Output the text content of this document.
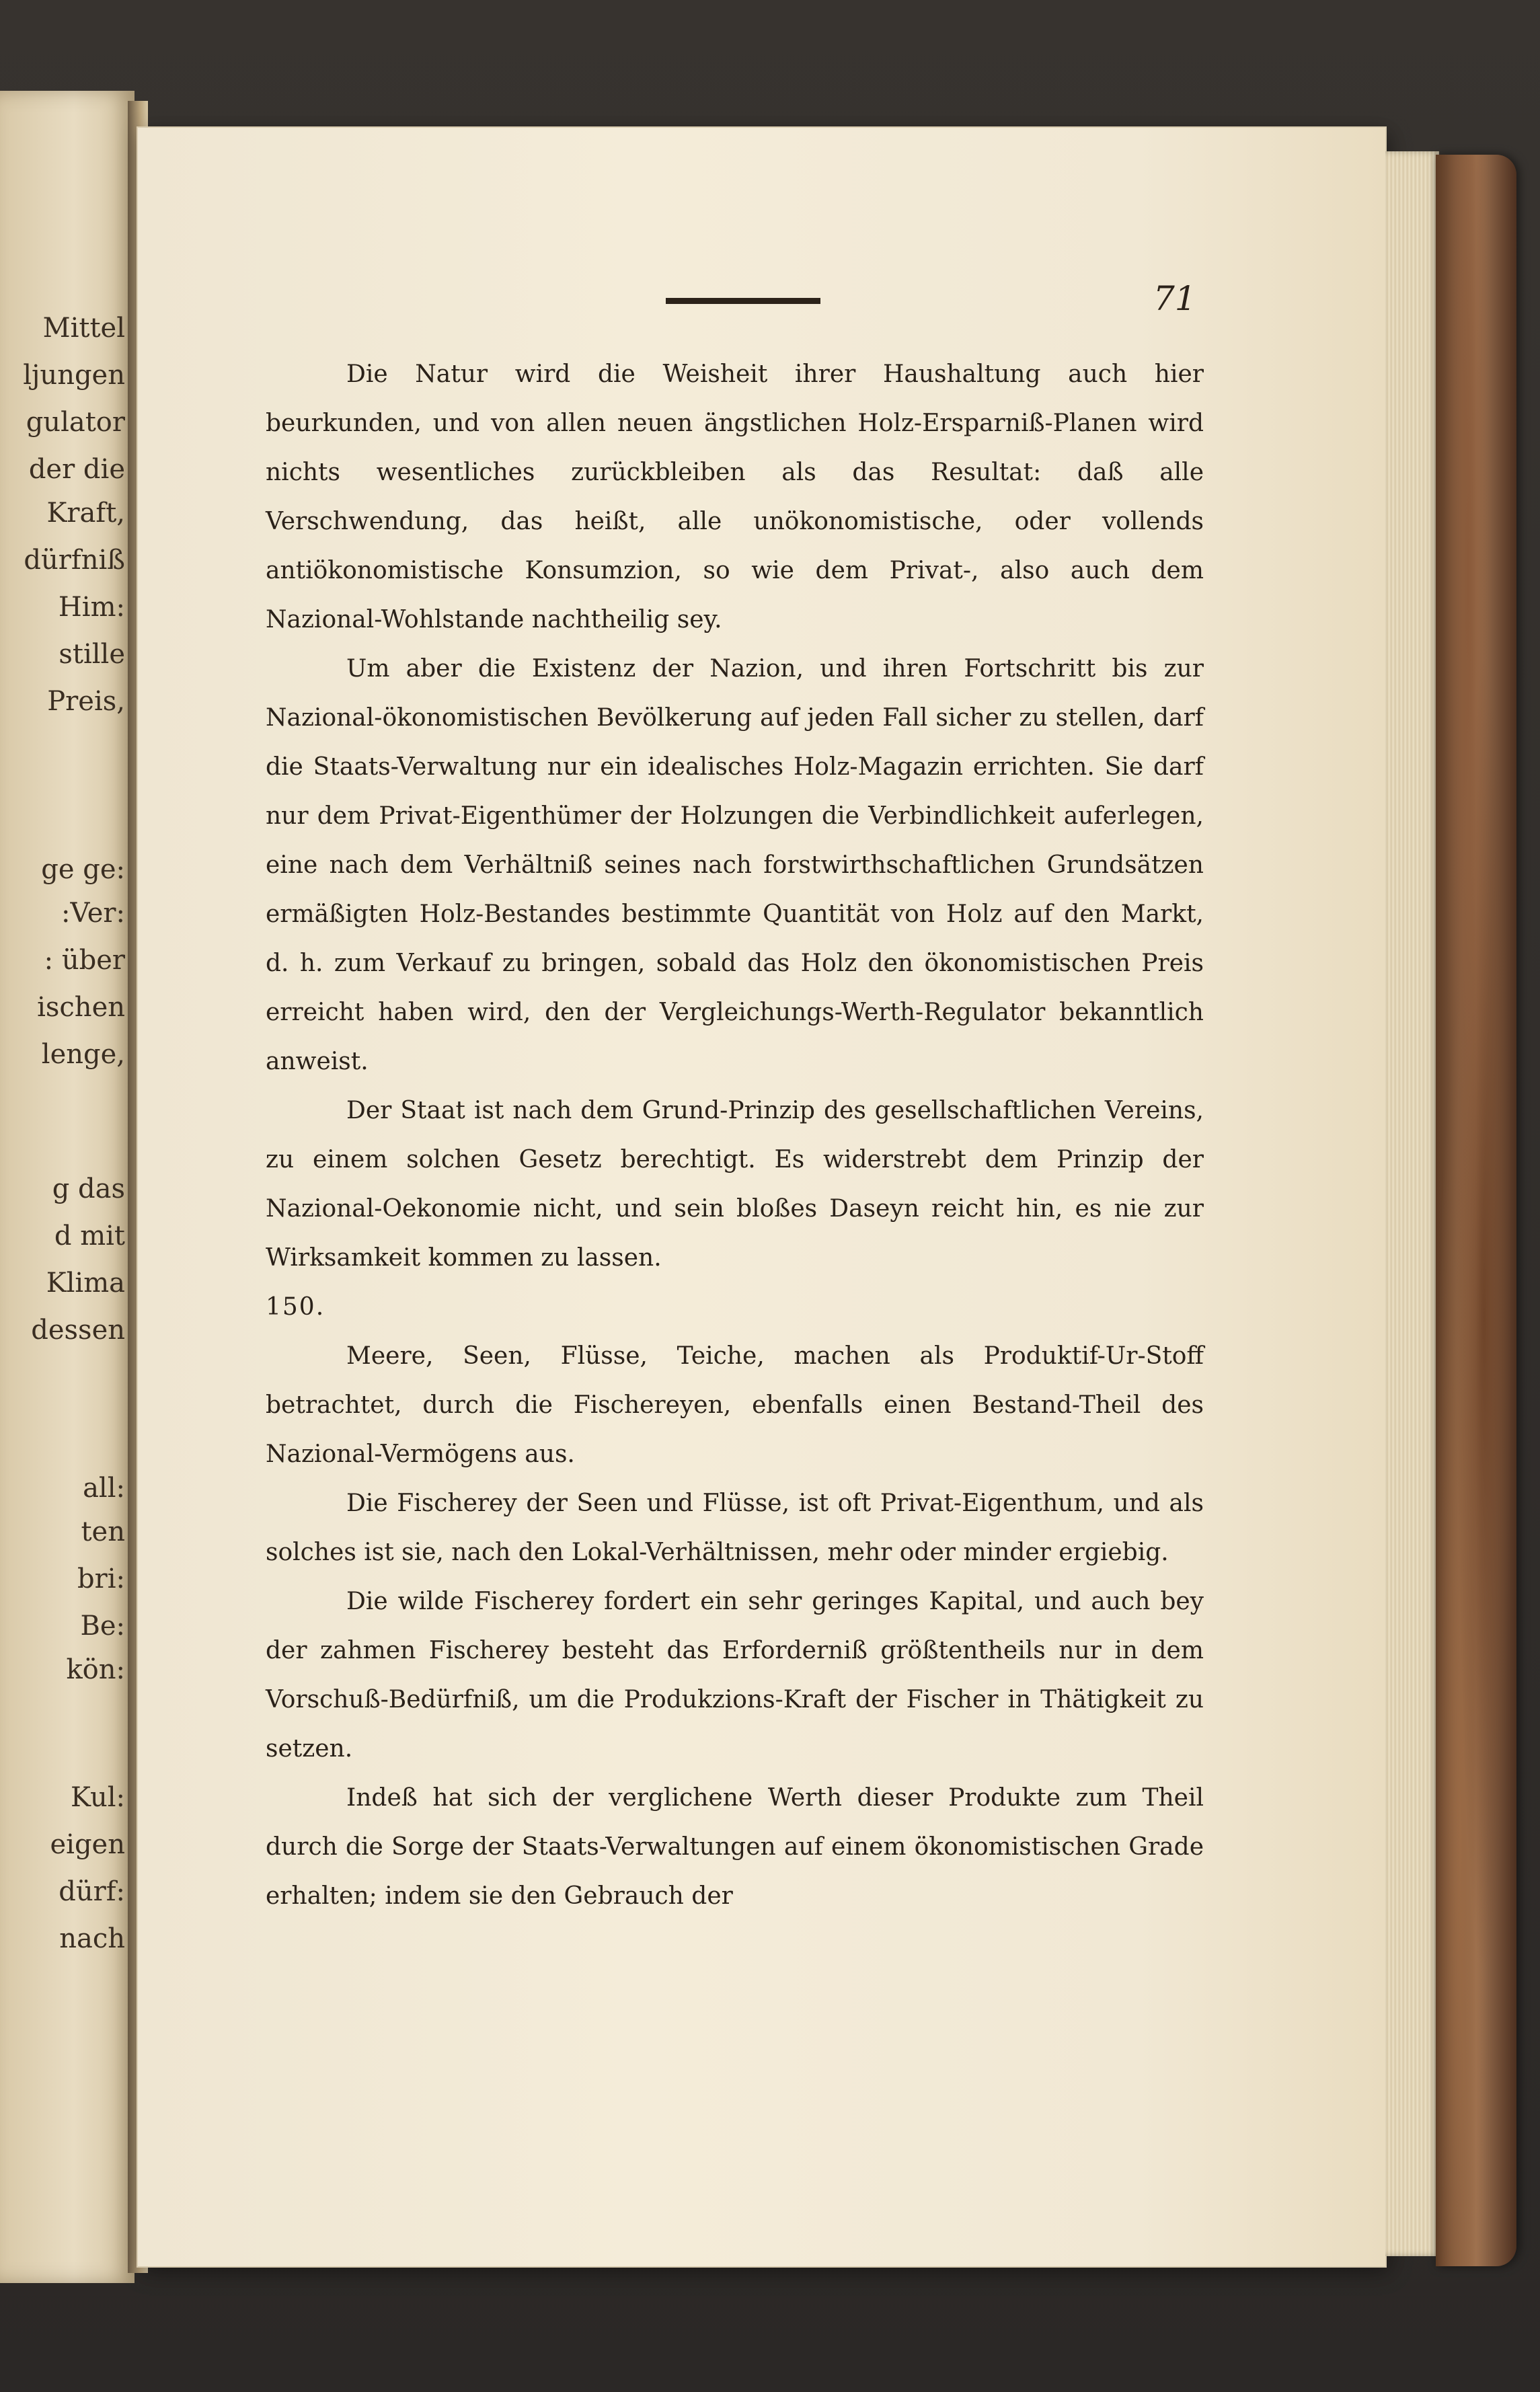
Mittel
ljungen
gulator
der die
Kraft,
dürfniß
Him:
stille
Preis,
ge ge:
:Ver:
: über
ischen
lenge,
g das
d mit
Klima
dessen
all:
ten
bri:
Be:
kön:
Kul:
eigen
dürf:
nach
71

Die Natur wird die Weisheit ihrer Haushaltung auch hier beurkunden, und von allen neuen ängstlichen Holz-Ersparniß-Planen wird nichts wesentliches zurückbleiben als das Resultat: daß alle Verschwendung, das heißt, alle unökonomistische, oder vollends antiökonomistische Konsumzion, so wie dem Privat-, also auch dem Nazional-Wohlstande nachtheilig sey.

Um aber die Existenz der Nazion, und ihren Fortschritt bis zur Nazional-ökonomistischen Bevölkerung auf jeden Fall sicher zu stellen, darf die Staats-Verwaltung nur ein idealisches Holz-Magazin errichten. Sie darf nur dem Privat-Eigenthümer der Holzungen die Verbindlichkeit auferlegen, eine nach dem Verhältniß seines nach forstwirthschaftlichen Grundsätzen ermäßigten Holz-Bestandes bestimmte Quantität von Holz auf den Markt, d. h. zum Verkauf zu bringen, sobald das Holz den ökonomistischen Preis erreicht haben wird, den der Vergleichungs-Werth-Regulator bekanntlich anweist.

Der Staat ist nach dem Grund-Prinzip des gesellschaftlichen Vereins, zu einem solchen Gesetz berechtigt. Es widerstrebt dem Prinzip der Nazional-Oekonomie nicht, und sein bloßes Daseyn reicht hin, es nie zur Wirksamkeit kommen zu lassen.

150.

Meere, Seen, Flüsse, Teiche, machen als Produktif-Ur-Stoff betrachtet, durch die Fischereyen, ebenfalls einen Bestand-Theil des Nazional-Vermögens aus.

Die Fischerey der Seen und Flüsse, ist oft Privat-Eigenthum, und als solches ist sie, nach den Lokal-Verhältnissen, mehr oder minder ergiebig.

Die wilde Fischerey fordert ein sehr geringes Kapital, und auch bey der zahmen Fischerey besteht das Erforderniß größtentheils nur in dem Vorschuß-Bedürfniß, um die Produkzions-Kraft der Fischer in Thätigkeit zu setzen.

Indeß hat sich der verglichene Werth dieser Produkte zum Theil durch die Sorge der Staats-Verwaltungen auf einem ökonomistischen Grade erhalten; indem sie den Gebrauch der
